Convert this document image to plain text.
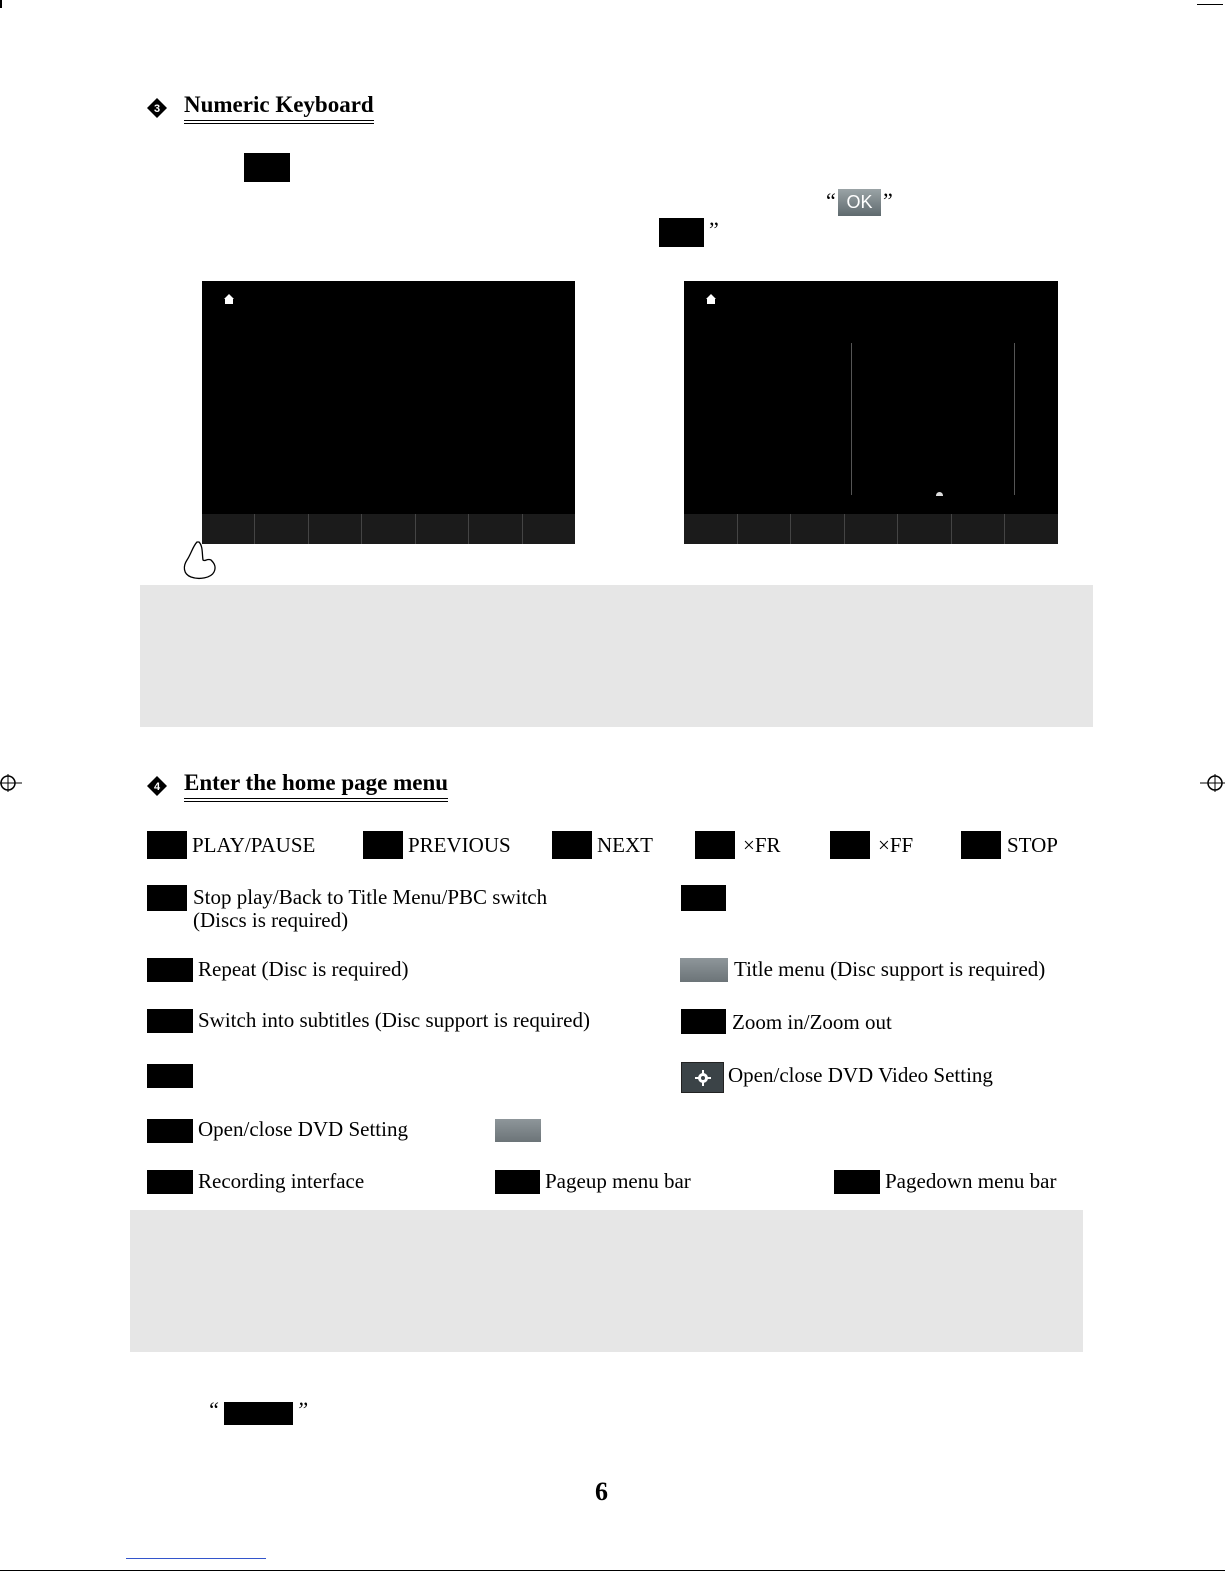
3 Numeric Keyboard
“ OK ”
”
4 Enter the home page menu
PLAY/PAUSE	PREVIOUS	NEXT	×FR	×FF	STOP
Stop play/Back to Title Menu/PBC switch
(Discs is required)
Repeat (Disc is required)	Title menu (Disc support is required)
Switch into subtitles (Disc support is required)	Zoom in/Zoom out
Open/close DVD Video Setting
Open/close DVD Setting
Recording interface	Pageup menu bar	Pagedown menu bar
“	”
6
